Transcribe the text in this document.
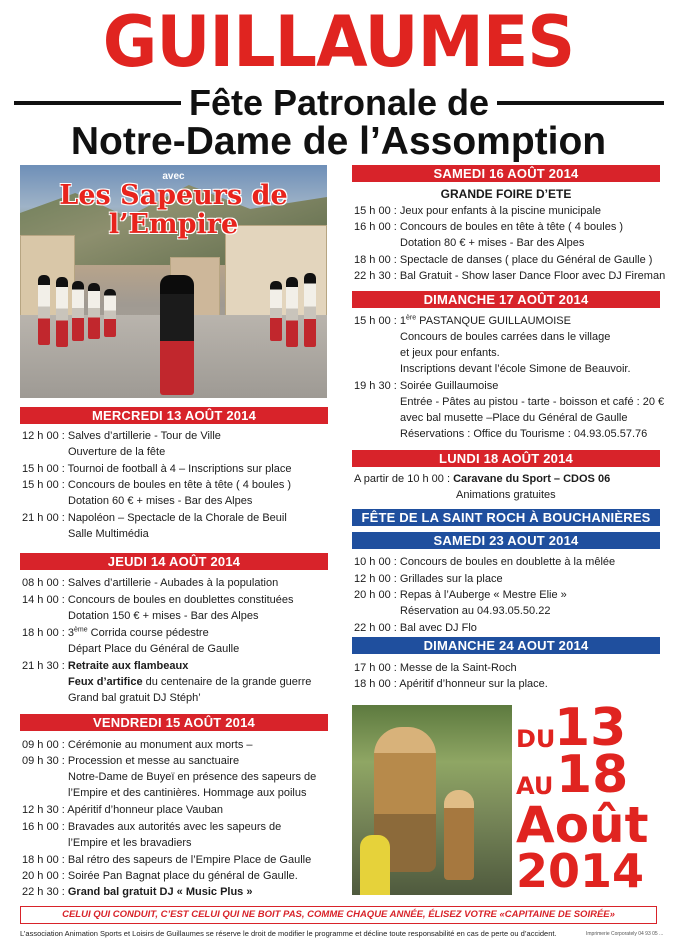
GUILLAUMES
Fête Patronale de
Notre-Dame de l’Assomption
avec
Les Sapeurs de
l’Empire
MERCREDI 13 AOÛT 2014
12 h 00 : Salves d’artillerie - Tour de Ville
Ouverture de la fête
15 h 00 : Tournoi de football à 4 – Inscriptions sur place
15 h 00 : Concours de boules en tête à tête ( 4 boules )
Dotation 60 € + mises - Bar des Alpes
21 h 00 : Napoléon – Spectacle de la Chorale de Beuil
Salle Multimédia
JEUDI 14 AOÛT 2014
08 h 00 : Salves d’artillerie - Aubades à la population
14 h 00 : Concours de boules en doublettes constituées
Dotation 150 € + mises - Bar des Alpes
18 h 00 : 3ème Corrida course pédestre
Départ Place du Général de Gaulle
21 h 30 : Retraite aux flambeaux
Feux d’artifice du centenaire de la grande guerre
Grand bal gratuit DJ Stéph’
VENDREDI 15 AOÛT 2014
09 h 00 : Cérémonie au monument aux morts –
09 h 30 : Procession et messe au sanctuaire
Notre-Dame de Buyeï en présence des sapeurs de
l’Empire et des cantinières. Hommage aux poilus
12 h 30 : Apéritif d’honneur place Vauban
16 h 00 : Bravades aux autorités avec les sapeurs de
l’Empire et les bravadiers
18 h 00 : Bal rétro des sapeurs de l’Empire Place de Gaulle
20 h 00 : Soirée Pan Bagnat place du général de Gaulle.
22 h 30 : Grand bal gratuit DJ « Music Plus »
SAMEDI 16 AOÛT 2014
GRANDE FOIRE D’ETE
15 h 00 : Jeux pour enfants à la piscine municipale
16 h 00 : Concours de boules en tête à tête ( 4 boules )
Dotation 80 € + mises - Bar des Alpes
18 h 00 : Spectacle de danses ( place du Général de Gaulle )
22 h 30 : Bal Gratuit - Show laser Dance Floor avec DJ Fireman
DIMANCHE 17 AOÛT 2014
15 h 00 : 1ère PASTANQUE GUILLAUMOISE
Concours de boules carrées dans le village
et jeux pour enfants.
Inscriptions devant l’école Simone de Beauvoir.
19 h 30 : Soirée Guillaumoise
Entrée - Pâtes au pistou - tarte - boisson et café : 20 €
avec bal musette –Place du Général de Gaulle
Réservations : Office du Tourisme : 04.93.05.57.76
LUNDI 18 AOÛT 2014
A partir de 10 h 00 : Caravane du Sport – CDOS 06
Animations gratuites
FÊTE DE LA SAINT ROCH À BOUCHANIÈRES
SAMEDI 23 AOUT 2014
10 h 00 : Concours de boules en doublette à la mêlée
12 h 00 : Grillades sur la place
20 h 00 : Repas à l’Auberge « Mestre Elie »
Réservation au 04.93.05.50.22
22 h 00 : Bal avec DJ Flo
DIMANCHE 24 AOUT 2014
17 h 00 : Messe de la Saint-Roch
18 h 00 : Apéritif d’honneur sur la place.
DU
13
AU 18
Août
2014
CELUI QUI CONDUIT, C’EST CELUI QUI NE BOIT PAS, COMME CHAQUE ANNÉE, ÉLISEZ VOTRE «CAPITAINE DE SOIRÉE»
L’association Animation Sports et Loisirs de Guillaumes se réserve le droit de modifier le programme et décline toute responsabilité en cas de perte ou d’accident.	Imprimerie Corporately 04 93 05 ...
